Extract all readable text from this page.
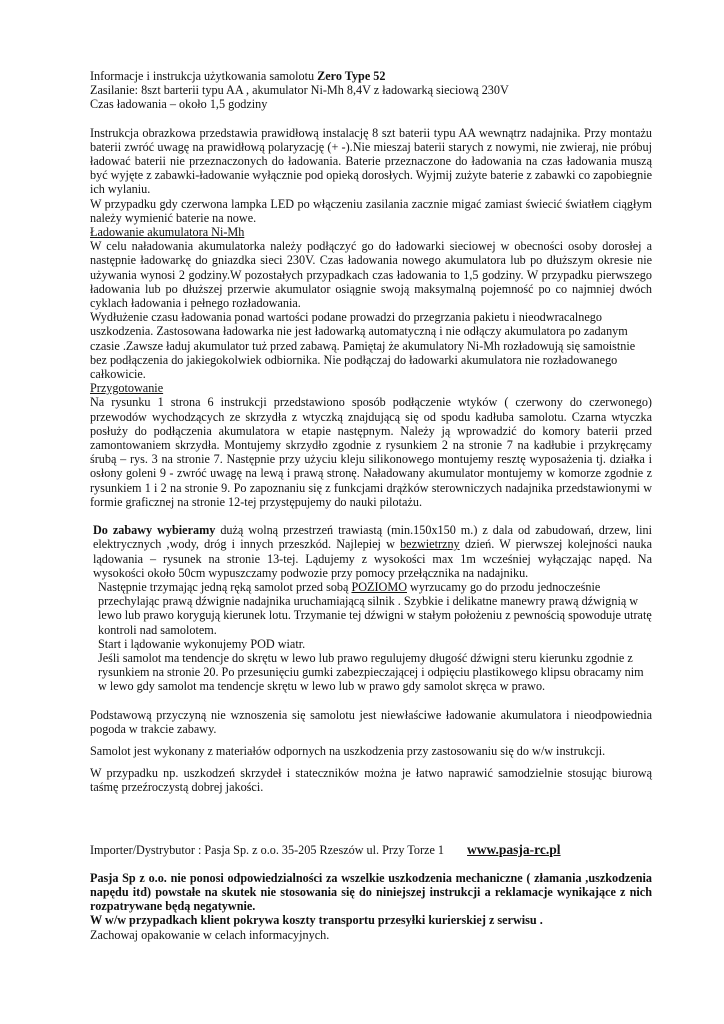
Informacje i instrukcja użytkowania samolotu Zero Type 52

Zasilanie: 8szt barterii typu AA , akumulator Ni-Mh 8,4V z ładowarką sieciową 230V

Czas ładowania – około 1,5 godziny

Instrukcja obrazkowa przedstawia prawidłową instalację 8 szt baterii typu AA wewnątrz nadajnika. Przy montażu baterii zwróć uwagę na prawidłową polaryzację (+ -).Nie mieszaj baterii starych z nowymi, nie zwieraj, nie próbuj ładować baterii nie przeznaczonych do ładowania. Baterie przeznaczone do ładowania na czas ładowania muszą być wyjęte z zabawki-ładowanie wyłącznie pod opieką dorosłych. Wyjmij zużyte baterie z zabawki co zapobiegnie ich wylaniu.

W przypadku gdy czerwona lampka LED po włączeniu zasilania zacznie migać zamiast świecić światłem ciągłym należy wymienić baterie na nowe.

Ładowanie akumulatora Ni-Mh

W celu naładowania akumulatorka należy podłączyć go do ładowarki sieciowej w obecności osoby dorosłej a następnie ładowarkę do gniazdka sieci 230V. Czas ładowania nowego akumulatora lub po dłuższym okresie nie używania wynosi 2 godziny.W pozostałych przypadkach czas ładowania to 1,5 godziny. W przypadku pierwszego ładowania lub po dłuższej przerwie akumulator osiągnie swoją maksymalną pojemność po co najmniej dwóch cyklach ładowania i pełnego rozładowania.

Wydłużenie czasu ładowania ponad wartości podane prowadzi do przegrzania pakietu i nieodwracalnego uszkodzenia. Zastosowana ładowarka nie jest ładowarką automatyczną i nie odłączy akumulatora po zadanym czasie .Zawsze ładuj akumulator tuż przed zabawą. Pamiętaj że akumulatory Ni-Mh rozładowują się samoistnie bez podłączenia do jakiegokolwiek odbiornika. Nie podłączaj do ładowarki akumulatora nie rozładowanego całkowicie.

Przygotowanie

Na rysunku 1 strona 6 instrukcji przedstawiono sposób podłączenie wtyków ( czerwony do czerwonego) przewodów wychodzących ze skrzydła z wtyczką znajdującą się od spodu kadłuba samolotu. Czarna wtyczka posłuży do podłączenia akumulatora w etapie następnym. Należy ją wprowadzić do komory baterii przed zamontowaniem skrzydła. Montujemy skrzydło zgodnie z rysunkiem 2 na stronie 7 na kadłubie i przykręcamy śrubą – rys. 3 na stronie 7. Następnie przy użyciu kleju silikonowego montujemy resztę wyposażenia tj. działka i osłony goleni 9 - zwróć uwagę na lewą i prawą stronę. Naładowany akumulator montujemy w komorze zgodnie z rysunkiem 1 i 2 na stronie 9. Po zapoznaniu się z funkcjami drążków sterowniczych nadajnika przedstawionymi w formie graficznej na stronie 12-tej przystępujemy do nauki pilotażu.

Do zabawy wybieramy dużą wolną przestrzeń trawiastą (min.150x150 m.) z dala od zabudowań, drzew, lini elektrycznych ,wody, dróg i innych przeszkód. Najlepiej w bezwietrzny dzień. W pierwszej kolejności nauka lądowania – rysunek na stronie 13-tej. Lądujemy z wysokości max 1m wcześniej wyłączając napęd. Na wysokości około 50cm wypuszczamy podwozie przy pomocy przełącznika na nadajniku.

Następnie trzymając jedną ręką samolot przed sobą POZIOMO wyrzucamy go do przodu jednocześnie przechylając prawą dźwignie nadajnika uruchamiającą silnik . Szybkie i delikatne manewry prawą dźwignią w lewo lub prawo korygują kierunek lotu. Trzymanie tej dźwigni w stałym położeniu z pewnością spowoduje utratę kontroli nad samolotem.

Start i lądowanie wykonujemy POD wiatr.

Jeśli samolot ma tendencje do skrętu w lewo lub prawo regulujemy długość dźwigni steru kierunku zgodnie z rysunkiem na stronie 20. Po przesunięciu gumki zabezpieczającej i odpięciu plastikowego klipsu obracamy nim w lewo gdy samolot ma tendencje skrętu w lewo lub w prawo gdy samolot skręca w prawo.

Podstawową przyczyną nie wznoszenia się samolotu jest niewłaściwe ładowanie akumulatora i nieodpowiednia pogoda w trakcie zabawy.

Samolot jest wykonany z materiałów odpornych na uszkodzenia przy zastosowaniu się do w/w instrukcji.

W przypadku np. uszkodzeń skrzydeł i stateczników można je łatwo naprawić samodzielnie stosując biurową taśmę przeźroczystą dobrej jakości.

Importer/Dystrybutor : Pasja Sp. z o.o. 35-205 Rzeszów ul. Przy Torze 1 www.pasja-rc.pl

Pasja Sp z o.o. nie ponosi odpowiedzialności za wszelkie uszkodzenia mechaniczne ( złamania ,uszkodzenia napędu itd) powstałe na skutek nie stosowania się do niniejszej instrukcji a reklamacje wynikające z nich rozpatrywane będą negatywnie.

W w/w przypadkach klient pokrywa koszty transportu przesyłki kurierskiej z serwisu .

Zachowaj opakowanie w celach informacyjnych.
